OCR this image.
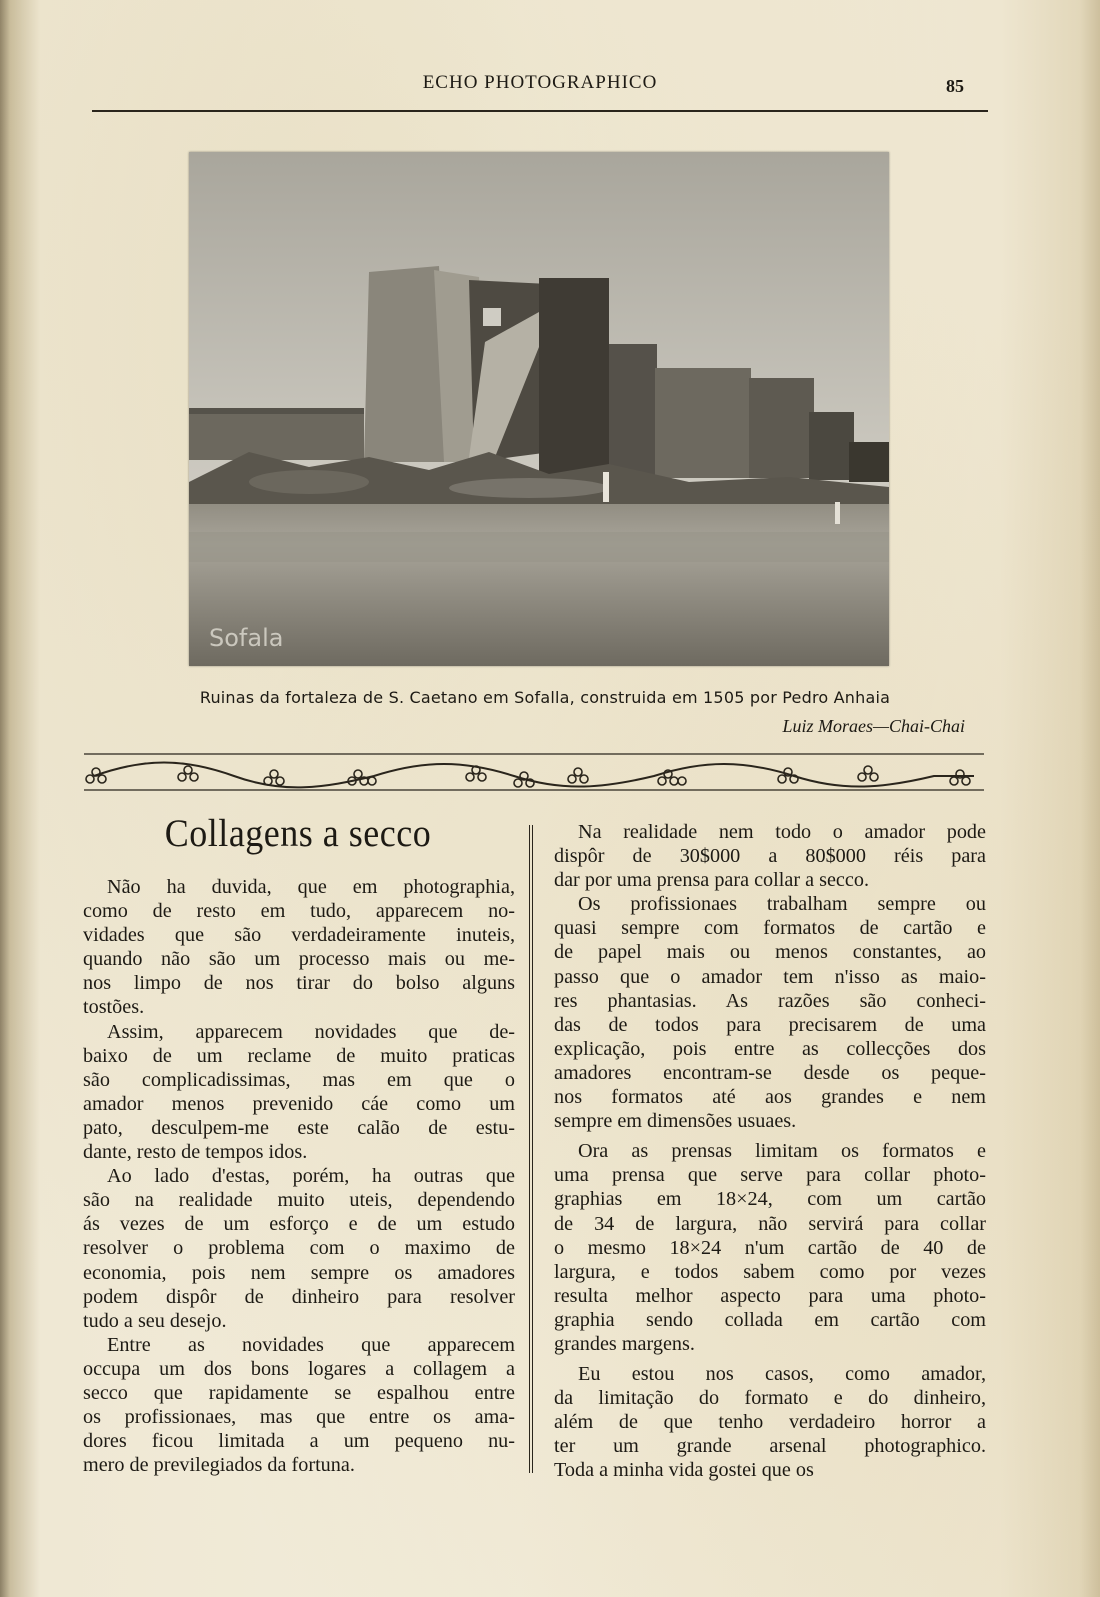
ECHO PHOTOGRAPHICO	85
Sofala
Ruinas da fortaleza de S. Caetano em Sofalla, construida em 1505 por Pedro Anhaia
Luiz Moraes—Chai-Chai
Collagens a secco

Não ha duvida, que em photographia,
como de resto em tudo, apparecem no-
vidades que são verdadeiramente inuteis,
quando não são um processo mais ou me-
nos limpo de nos tirar do bolso alguns
tostões.

Assim, apparecem novidades que de-
baixo de um reclame de muito praticas
são complicadissimas, mas em que o
amador menos prevenido cáe como um
pato, desculpem-me este calão de estu-
dante, resto de tempos idos.

Ao lado d'estas, porém, ha outras que
são na realidade muito uteis, dependendo
ás vezes de um esforço e de um estudo
resolver o problema com o maximo de
economia, pois nem sempre os amadores
podem dispôr de dinheiro para resolver
tudo a seu desejo.

Entre as novidades que apparecem
occupa um dos bons logares a collagem a
secco que rapidamente se espalhou entre
os profissionaes, mas que entre os ama-
dores ficou limitada a um pequeno nu-
mero de previlegiados da fortuna.

Na realidade nem todo o amador pode
dispôr de 30$000 a 80$000 réis para
dar por uma prensa para collar a secco.

Os profissionaes trabalham sempre ou
quasi sempre com formatos de cartão e
de papel mais ou menos constantes, ao
passo que o amador tem n'isso as maio-
res phantasias. As razões são conheci-
das de todos para precisarem de uma
explicação, pois entre as collecções dos
amadores encontram-se desde os peque-
nos formatos até aos grandes e nem
sempre em dimensões usuaes.

Ora as prensas limitam os formatos e
uma prensa que serve para collar photo-
graphias em 18×24, com um cartão
de 34 de largura, não servirá para collar
o mesmo 18×24 n'um cartão de 40 de
largura, e todos sabem como por vezes
resulta melhor aspecto para uma photo-
graphia sendo collada em cartão com
grandes margens.

Eu estou nos casos, como amador,
da limitação do formato e do dinheiro,
além de que tenho verdadeiro horror a
ter um grande arsenal photographico.
Toda a minha vida gostei que os
